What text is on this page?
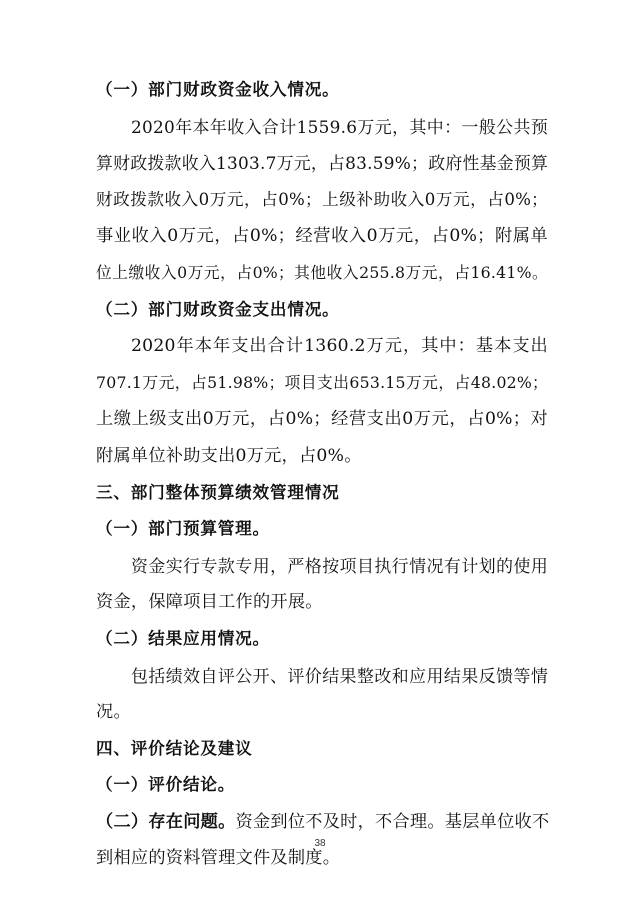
（一）部门财政资金收入情况。
2020年本年收入合计1559.6万元，其中：一般公共预
算财政拨款收入1303.7万元，占83.59%；政府性基金预算
财政拨款收入0万元，占0%；上级补助收入0万元，占0%；
事业收入0万元，占0%；经营收入0万元，占0%；附属单
位上缴收入0万元，占0%；其他收入255.8万元，占16.41%。
（二）部门财政资金支出情况。
2020年本年支出合计1360.2万元，其中：基本支出
707.1万元，占51.98%；项目支出653.15万元，占48.02%；
上缴上级支出0万元，占0%；经营支出0万元，占0%；对
附属单位补助支出0万元，占0%。
三、部门整体预算绩效管理情况
（一）部门预算管理。
资金实行专款专用，严格按项目执行情况有计划的使用
资金，保障项目工作的开展。
（二）结果应用情况。
包括绩效自评公开、评价结果整改和应用结果反馈等情
况。
四、评价结论及建议
（一）评价结论。
（二）存在问题。资金到位不及时，不合理。基层单位收不
到相应的资料管理文件及制度。
38
